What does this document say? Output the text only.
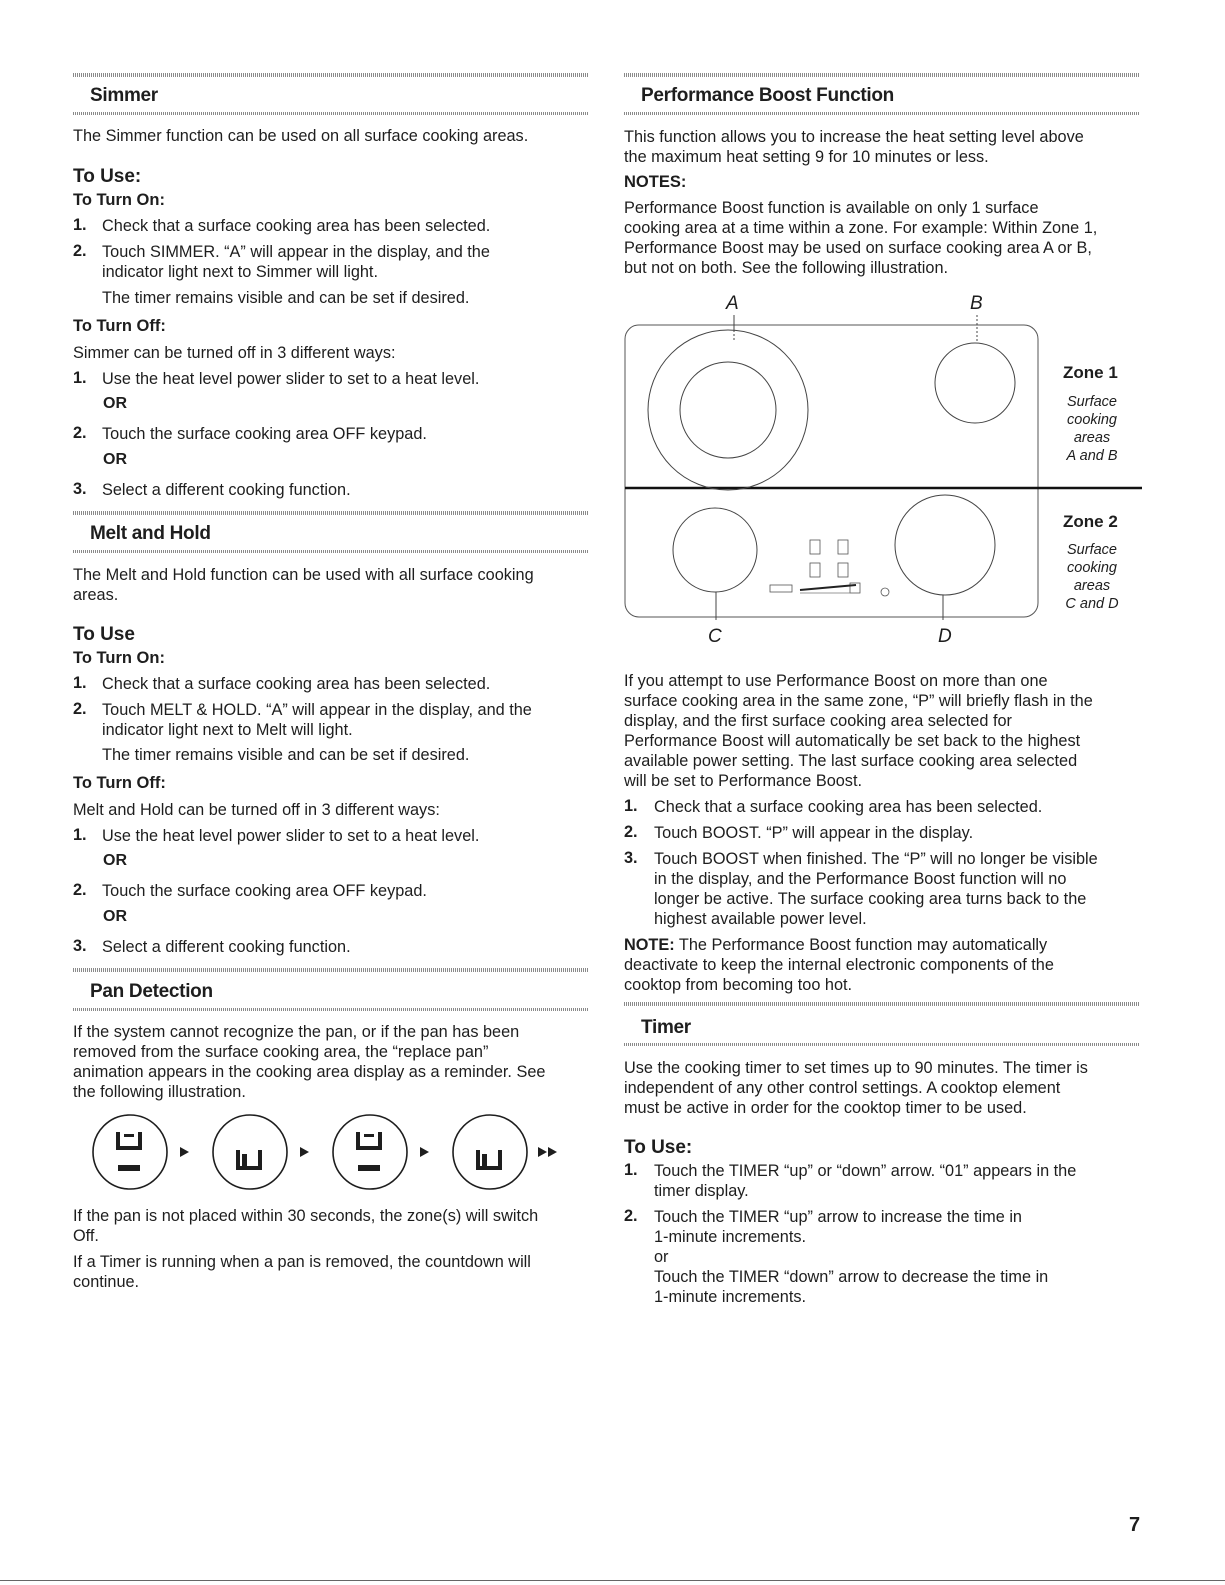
Simmer
The Simmer function can be used on all surface cooking areas.
To Use:
To Turn On:
1. Check that a surface cooking area has been selected.
2. Touch SIMMER. “A” will appear in the display, and the
indicator light next to Simmer will light.
The timer remains visible and can be set if desired.
To Turn Off:
Simmer can be turned off in 3 different ways:
1. Use the heat level power slider to set to a heat level.
OR
2. Touch the surface cooking area OFF keypad.
OR
3. Select a different cooking function.
Melt and Hold
The Melt and Hold function can be used with all surface cooking
areas.
To Use
To Turn On:
1. Check that a surface cooking area has been selected.
2. Touch MELT & HOLD. “A” will appear in the display, and the
indicator light next to Melt will light.
The timer remains visible and can be set if desired.
To Turn Off:
Melt and Hold can be turned off in 3 different ways:
1. Use the heat level power slider to set to a heat level.
OR
2. Touch the surface cooking area OFF keypad.
OR
3. Select a different cooking function.
Pan Detection
If the system cannot recognize the pan, or if the pan has been
removed from the surface cooking area, the “replace pan”
animation appears in the cooking area display as a reminder. See
the following illustration.
If the pan is not placed within 30 seconds, the zone(s) will switch
Off.
If a Timer is running when a pan is removed, the countdown will
continue.
Performance Boost Function
This function allows you to increase the heat setting level above
the maximum heat setting 9 for 10 minutes or less.
NOTES:
Performance Boost function is available on only 1 surface
cooking area at a time within a zone. For example: Within Zone 1,
Performance Boost may be used on surface cooking area A or B,
but not on both. See the following illustration.
A	B
C	D
Zone 1
Surface
cooking
areas
A and B
Zone 2
Surface
cooking
areas
C and D
If you attempt to use Performance Boost on more than one
surface cooking area in the same zone, “P” will briefly flash in the
display, and the first surface cooking area selected for
Performance Boost will automatically be set back to the highest
available power setting. The last surface cooking area selected
will be set to Performance Boost.
1. Check that a surface cooking area has been selected.
2. Touch BOOST. “P” will appear in the display.
3. Touch BOOST when finished. The “P” will no longer be visible
in the display, and the Performance Boost function will no
longer be active. The surface cooking area turns back to the
highest available power level.
NOTE: The Performance Boost function may automatically
deactivate to keep the internal electronic components of the
cooktop from becoming too hot.
Timer
Use the cooking timer to set times up to 90 minutes. The timer is
independent of any other control settings. A cooktop element
must be active in order for the cooktop timer to be used.
To Use:
1. Touch the TIMER “up” or “down” arrow. “01” appears in the
timer display.
2. Touch the TIMER “up” arrow to increase the time in
1-minute increments.
or
Touch the TIMER “down” arrow to decrease the time in
1-minute increments.
7
